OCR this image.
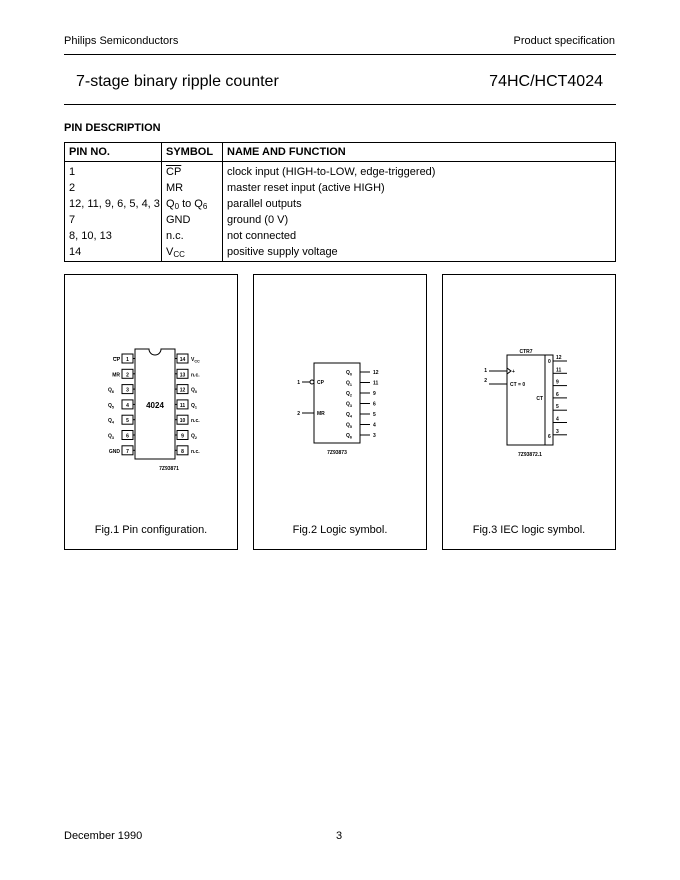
Philips Semiconductors	Product specification
7-stage binary ripple counter	74HC/HCT4024
PIN DESCRIPTION
PIN NO.	SYMBOL	NAME AND FUNCTION
1	$\overline{CP}$	clock input (HIGH-to-LOW, edge-triggered)
2	MR	master reset input (active HIGH)
12, 11, 9, 6, 5, 4, 3	$Q_0$ to $Q_6$	parallel outputs
7	GND	ground (0 V)
8, 10, 13	n.c.	not connected
14	$V_{CC}$	positive supply voltage
4024
1
CP
2
MR
3
$Q_6$
4
$Q_5$
5
$Q_4$
6
$Q_3$
7
GND
14 $V_{CC}$
13 n.c.
12 $Q_0$
11 $Q_1$
10 n.c.
9 $Q_2$
8 n.c.
7Z93871
Fig.1 Pin configuration.
1	CP
2	MR
$Q_0$	12
$Q_1$	11
$Q_2$	9
$Q_3$	6
$Q_4$	5
$Q_5$	4
$Q_6$	3
7Z93873
Fig.2 Logic symbol.
CTR7
1	+
2
CT = 0
CT
0
6
12
11
9
6
5
4
3
7Z93872.1
Fig.3 IEC logic symbol.
December 1990	3
